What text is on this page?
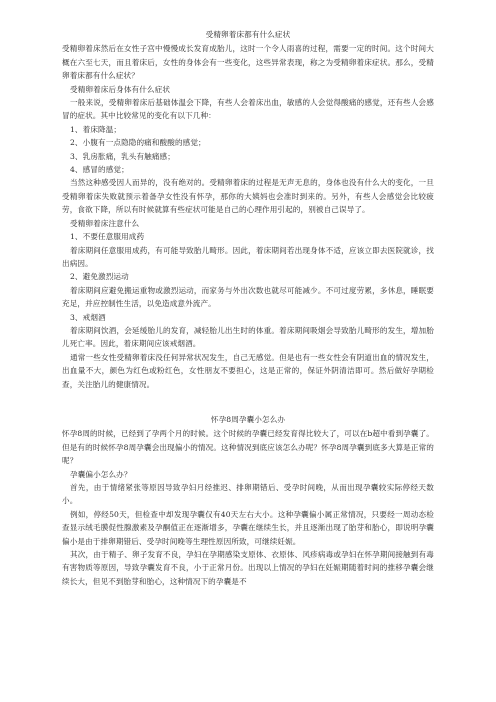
受精卵着床都有什么症状

受精卵着床然后在女性子宫中慢慢成长发育成胎儿，这时一个令人雨喜的过程，需要一定的时间。这个时间大概在六至七天，而且着床后，女性的身体会有一些变化，这些异常表现，称之为受精卵着床症状。那么，受精卵着床都有什么症状？

受精卵着床后身体有什么症状

一般来说，受精卵着床后基础体温会下降，有些人会着床出血，敏感的人会觉得酸痛的感觉，还有些人会感冒的症状。其中比较常见的变化有以下几种：

1、着床降温；

2、小腹有一点隐隐的痛和酸酸的感觉；

3、乳房胀痛，乳头有触痛感；

4、感冒的感觉；

当然这种感受因人而异的，没有绝对的。受精卵着床的过程是无声无息的，身体也没有什么大的变化，一旦受精卵着床失败就预示着备孕女性没有怀孕，那你的大姨妈也会准时到来的。另外，有些人会感觉会比较疲劳，食欲下降，所以有时候就算有些症状可能是自己的心理作用引起的，别被自己误导了。

受精卵着床注意什么

1、不要任意服用成药

着床期间任意服用成药，有可能导致胎儿畸形。因此，着床期间若出现身体不适，应该立即去医院就诊，找出病因。

2、避免激烈运动

着床期间应避免搬运重物或激烈运动，而家务与外出次数也就尽可能减少。不可过度劳累，多休息，睡眠要充足，并应控制性生活，以免造成意外流产。

3、戒烟酒

着床期间饮酒，会延缓胎儿的发育，减轻胎儿出生时的体重。着床期间吸烟会导致胎儿畸形的发生，增加胎儿死亡率。因此，着床期间应该戒烟酒。

通常一些女性受精卵着床没任何异常状况发生，自己无感觉。但是也有一些女性会有阴道出血的情况发生，出血量不大，颜色为红色或粉红色，女性朋友不要担心，这是正常的，保证外阴清洁即可。然后做好孕期检查，关注胎儿的健康情况。

怀孕8周孕囊小怎么办

怀孕8周的时候，已经到了孕两个月的时候。这个时候的孕囊已经发育得比较大了，可以在b超中看到孕囊了。但是有的时候怀孕8周孕囊会出现偏小的情况。这种情况到底应该怎么办呢？怀孕8周孕囊到底多大算是正常的呢？

孕囊偏小怎么办？

首先，由于情绪紧张等原因导致孕妇月经推迟、排卵期错后、受孕时间晚，从而出现孕囊较实际停经天数小。

例如，停经50天，但检查中却发现孕囊仅有40天左右大小。这种孕囊偏小属正常情况，只要经一周动态检查显示绒毛膜促性腺激素及孕酮值正在逐渐增多，孕囊在继续生长，并且逐渐出现了胎芽和胎心，即说明孕囊偏小是由于排卵期错后、受孕时间晚等生理性原因所致，可继续妊娠。

其次，由于精子、卵子发育不良，孕妇在孕期感染支原体、衣原体、风疹病毒或孕妇在怀孕期间接触到有毒有害物质等原因，导致孕囊发育不良，小于正常月份。出现以上情况的孕妇在妊娠期随着时间的推移孕囊会继续长大，但见不到胎芽和胎心，这种情况下的孕囊是不
